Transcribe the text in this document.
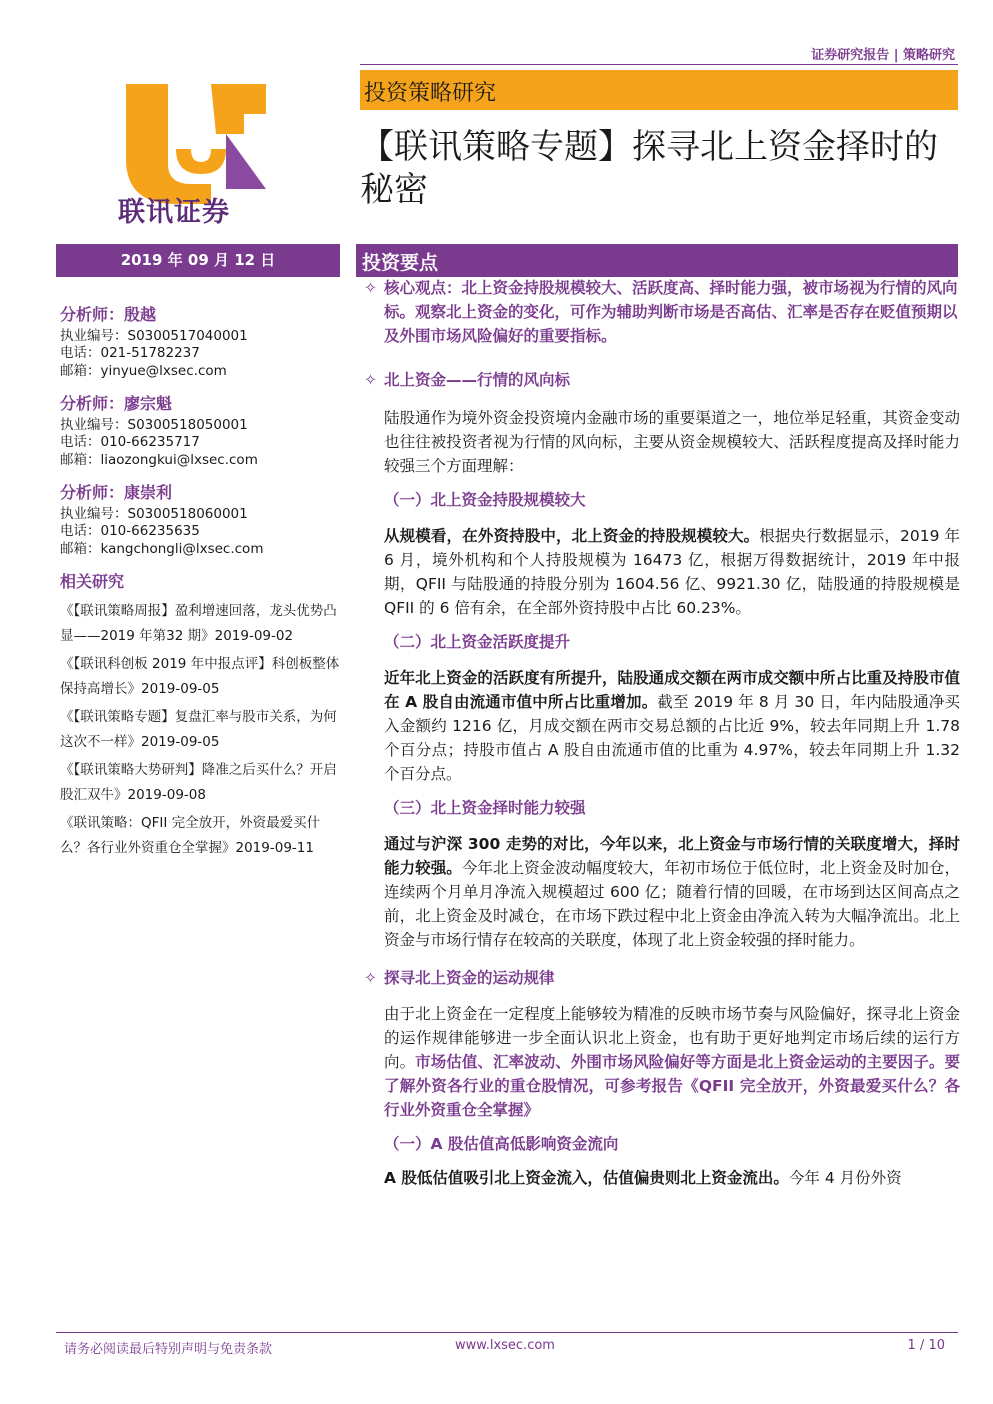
证券研究报告 | 策略研究
联讯证券
投资策略研究
【联讯策略专题】探寻北上资金择时的秘密
2019 年 09 月 12 日	投资要点
分析师：殷越
执业编号：S0300517040001
电话：021-51782237
邮箱：yinyue@lxsec.com
分析师：廖宗魁
执业编号：S0300518050001
电话：010-66235717
邮箱：liaozongkui@lxsec.com
分析师：康崇利
执业编号：S0300518060001
电话：010-66235635
邮箱：kangchongli@lxsec.com
相关研究
《【联讯策略周报】盈利增速回落，龙头优势凸显——2019 年第32 期》2019-09-02
《【联讯科创板 2019 年中报点评】科创板整体保持高增长》2019-09-05
《【联讯策略专题】复盘汇率与股市关系，为何这次不一样》2019-09-05
《【联讯策略大势研判】降准之后买什么？开启股汇双牛》2019-09-08
《联讯策略：QFII 完全放开，外资最爱买什么？各行业外资重仓全掌握》2019-09-11
✧ 核心观点：北上资金持股规模较大、活跃度高、择时能力强，被市场视为行情的风向标。观察北上资金的变化，可作为辅助判断市场是否高估、汇率是否存在贬值预期以及外围市场风险偏好的重要指标。
✧ 北上资金——行情的风向标
陆股通作为境外资金投资境内金融市场的重要渠道之一，地位举足轻重，其资金变动也往往被投资者视为行情的风向标，主要从资金规模较大、活跃程度提高及择时能力较强三个方面理解：
（一）北上资金持股规模较大
从规模看，在外资持股中，北上资金的持股规模较大。根据央行数据显示，2019 年 6 月，境外机构和个人持股规模为 16473 亿，根据万得数据统计，2019 年中报期，QFII 与陆股通的持股分别为 1604.56 亿、9921.30 亿，陆股通的持股规模是 QFII 的 6 倍有余，在全部外资持股中占比 60.23%。
（二）北上资金活跃度提升
近年北上资金的活跃度有所提升，陆股通成交额在两市成交额中所占比重及持股市值在 A 股自由流通市值中所占比重增加。截至 2019 年 8 月 30 日，年内陆股通净买入金额约 1216 亿，月成交额在两市交易总额的占比近 9%，较去年同期上升 1.78 个百分点；持股市值占 A 股自由流通市值的比重为 4.97%，较去年同期上升 1.32 个百分点。
（三）北上资金择时能力较强
通过与沪深 300 走势的对比，今年以来，北上资金与市场行情的关联度增大，择时能力较强。今年北上资金波动幅度较大，年初市场位于低位时，北上资金及时加仓，连续两个月单月净流入规模超过 600 亿；随着行情的回暖，在市场到达区间高点之前，北上资金及时减仓，在市场下跌过程中北上资金由净流入转为大幅净流出。北上资金与市场行情存在较高的关联度，体现了北上资金较强的择时能力。
✧ 探寻北上资金的运动规律
由于北上资金在一定程度上能够较为精准的反映市场节奏与风险偏好，探寻北上资金的运作规律能够进一步全面认识北上资金，也有助于更好地判定市场后续的运行方向。市场估值、汇率波动、外围市场风险偏好等方面是北上资金运动的主要因子。要了解外资各行业的重仓股情况，可参考报告《QFII 完全放开，外资最爱买什么？各行业外资重仓全掌握》
（一）A 股估值高低影响资金流向
A 股低估值吸引北上资金流入，估值偏贵则北上资金流出。今年 4 月份外资
请务必阅读最后特别声明与免责条款	www.lxsec.com	1 / 10
